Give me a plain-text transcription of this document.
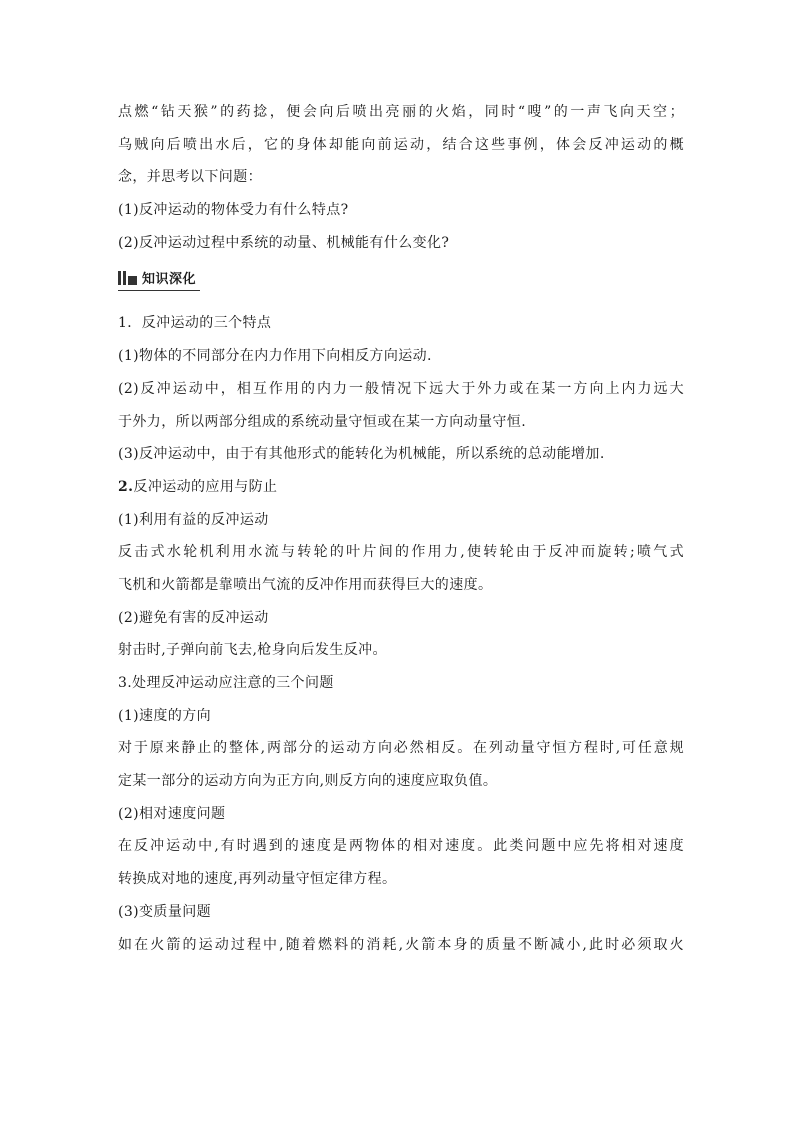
点燃“钻天猴”的药捻，便会向后喷出亮丽的火焰，同时“嗖”的一声飞向天空；
乌贼向后喷出水后，它的身体却能向前运动，结合这些事例，体会反冲运动的概
念，并思考以下问题：
(1)反冲运动的物体受力有什么特点?
(2)反冲运动过程中系统的动量、机械能有什么变化?
知识深化
1．反冲运动的三个特点
(1)物体的不同部分在内力作用下向相反方向运动.
(2)反冲运动中，相互作用的内力一般情况下远大于外力或在某一方向上内力远大
于外力，所以两部分组成的系统动量守恒或在某一方向动量守恒.
(3)反冲运动中，由于有其他形式的能转化为机械能，所以系统的总动能增加.
2.反冲运动的应用与防止
(1)利用有益的反冲运动
反击式水轮机利用水流与转轮的叶片间的作用力,使转轮由于反冲而旋转;喷气式
飞机和火箭都是靠喷出气流的反冲作用而获得巨大的速度。
(2)避免有害的反冲运动
射击时,子弹向前飞去,枪身向后发生反冲。
3.处理反冲运动应注意的三个问题
(1)速度的方向
对于原来静止的整体,两部分的运动方向必然相反。在列动量守恒方程时,可任意规
定某一部分的运动方向为正方向,则反方向的速度应取负值。
(2)相对速度问题
在反冲运动中,有时遇到的速度是两物体的相对速度。此类问题中应先将相对速度
转换成对地的速度,再列动量守恒定律方程。
(3)变质量问题
如在火箭的运动过程中,随着燃料的消耗,火箭本身的质量不断减小,此时必须取火
